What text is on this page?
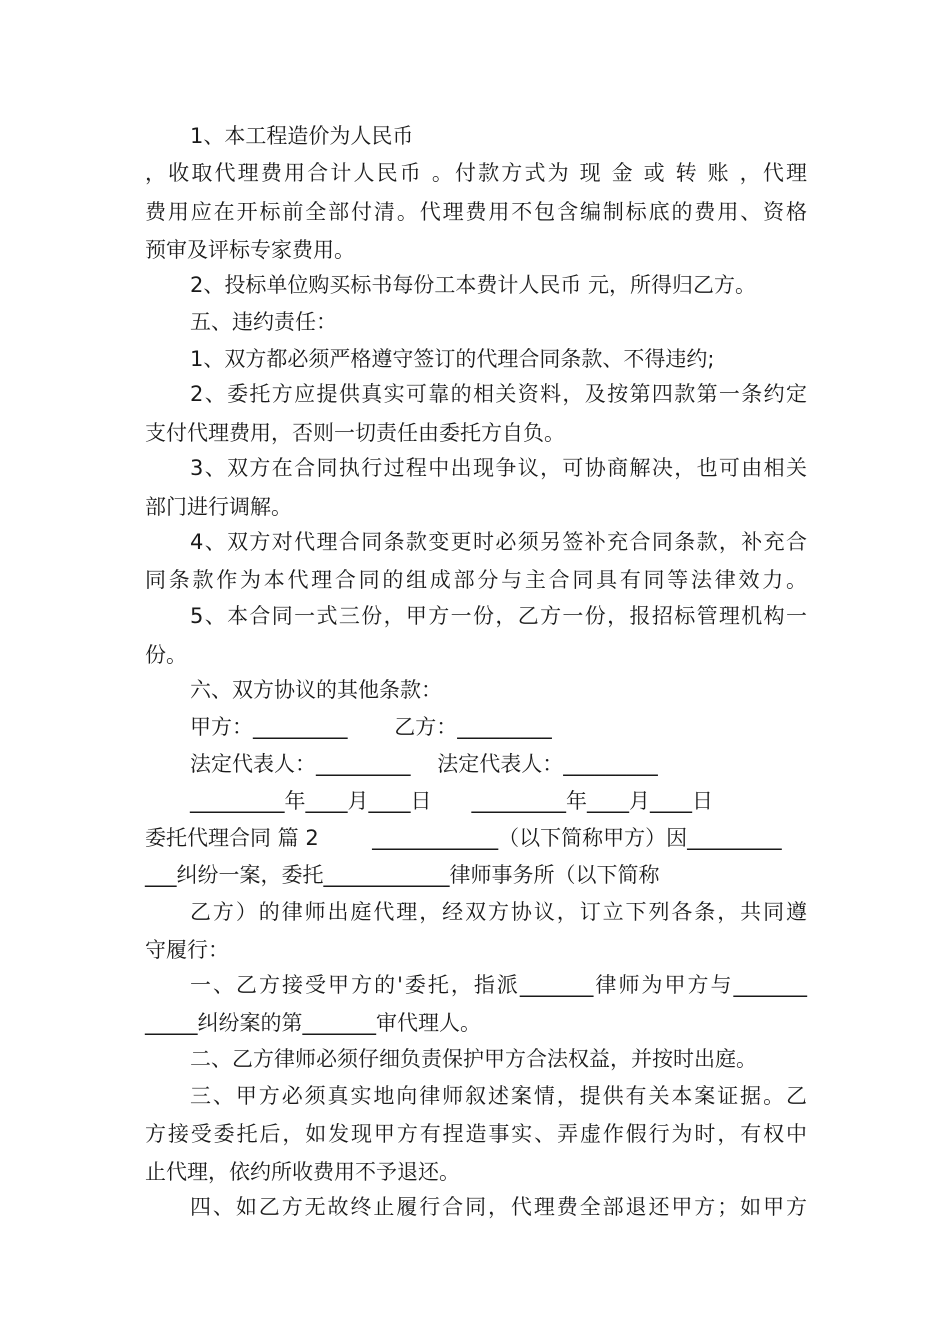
1、本工程造价为人民币

，收取代理费用合计人民币 。付款方式为 现 金 或 转 账 ，代理

费用应在开标前全部付清。代理费用不包含编制标底的费用、资格

预审及评标专家费用。

2、投标单位购买标书每份工本费计人民币 元，所得归乙方。

五、违约责任：

1、双方都必须严格遵守签订的代理合同条款、不得违约;

2、委托方应提供真实可靠的相关资料，及按第四款第一条约定

支付代理费用，否则一切责任由委托方自负。

3、双方在合同执行过程中出现争议，可协商解决，也可由相关

部门进行调解。

4、双方对代理合同条款变更时必须另签补充合同条款，补充合

同条款作为本代理合同的组成部分与主合同具有同等法律效力。

5、本合同一式三份，甲方一份，乙方一份，报招标管理机构一

份。

六、双方协议的其他条款：

甲方：_________       乙方：_________

法定代表人：_________    法定代表人：_________

_________年____月____日      _________年____月____日

委托代理合同 篇 2        ____________（以下简称甲方）因_________

___纠纷一案，委托____________律师事务所（以下简称

乙方）的律师出庭代理，经双方协议，订立下列各条，共同遵

守履行：

一、乙方接受甲方的'委托，指派_______律师为甲方与_______

_____纠纷案的第_______审代理人。

二、乙方律师必须仔细负责保护甲方合法权益，并按时出庭。

三、甲方必须真实地向律师叙述案情，提供有关本案证据。乙

方接受委托后，如发现甲方有捏造事实、弄虚作假行为时，有权中

止代理，依约所收费用不予退还。

四、如乙方无故终止履行合同，代理费全部退还甲方；如甲方
